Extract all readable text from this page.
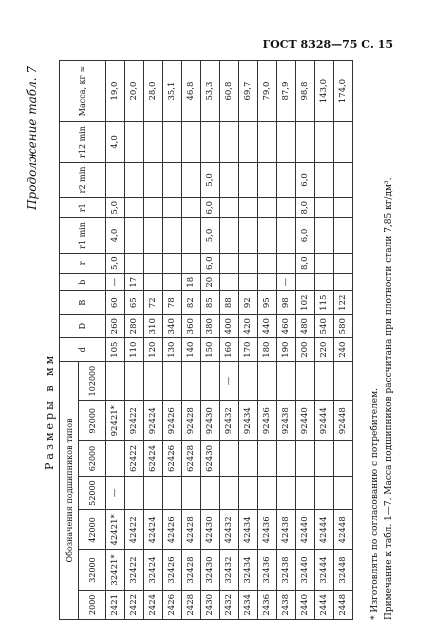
ГОСТ 8328—75 С. 15
Продолжение табл. 7
Размеры в мм
Обозначения подшипников типов							d	D	B	b	r	r1 min	r1	r2 min	r12 min	Масса, кг ≈
2000	32000	42000	52000	62000	92000	102000										
2421	32421*	42421*	—		92421*		105	260	60	—	5,0	4,0	5,0		4,0	19,0
2422	32422	42422		62422	92422		110	280	65	17						20,0
2424	32424	42424		62424	92424		120	310	72							28,0
2426	32426	42426		62426	92426		130	340	78							35,1
2428	32428	42428		62428	92428		140	360	82	18						46,8
2430	32430	42430		62430	92430		150	380	85	20	6,0	5,0	6,0	5,0		53,3
2432	32432	42432			92432	—	160	400	88							60,8
2434	32434	42434			92434		170	420	92							69,7
2436	32436	42436			92436		180	440	95							79,0
2438	32438	42438			92438		190	460	98	—						87,9
2440	32440	42440			92440		200	480	102		8,0	6,0	8,0	6,0		98,8
2444	32444	42444			92444		220	540	115							143,0
2448	32448	42448			92448		240	580	122							174,0
* Изготовлять по согласованию с потребителем. Примечание к табл. 1—7. Масса подшипников рассчитана при плотности стали 7,85 кг/дм³.
